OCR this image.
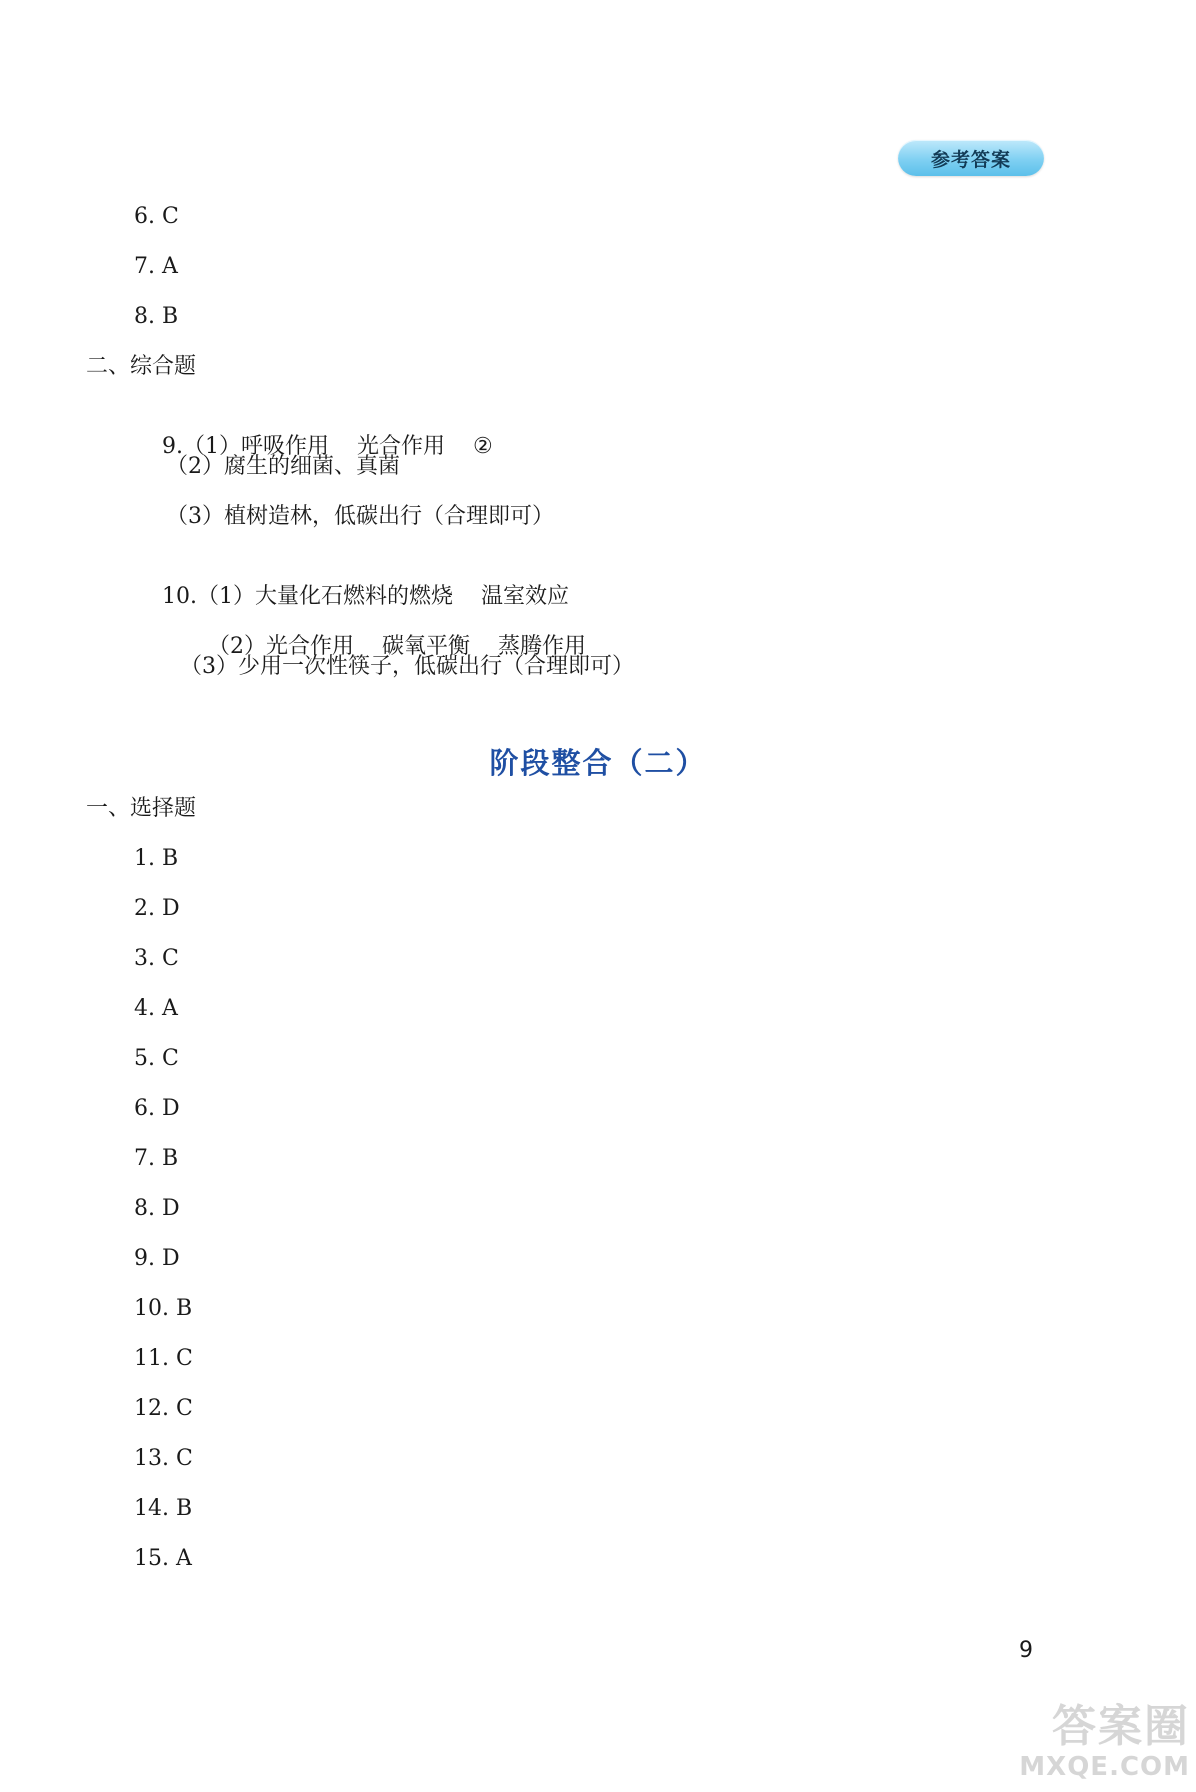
参考答案
6. C
7. A
8. B
二、综合题

9.（1）呼吸作用 光合作用 ②

（2）腐生的细菌、真菌
（3）植树造林，低碳出行（合理即可）

10.（1）大量化石燃料的燃烧 温室效应

（2）光合作用 碳氧平衡 蒸腾作用

（3）少用一次性筷子，低碳出行（合理即可）
阶段整合（二）
一、选择题
1. B
2. D
3. C
4. A
5. C
6. D
7. B
8. D
9. D
10. B
11. C
12. C
13. C
14. B
15. A
9
答案圈
MXQE.COM
